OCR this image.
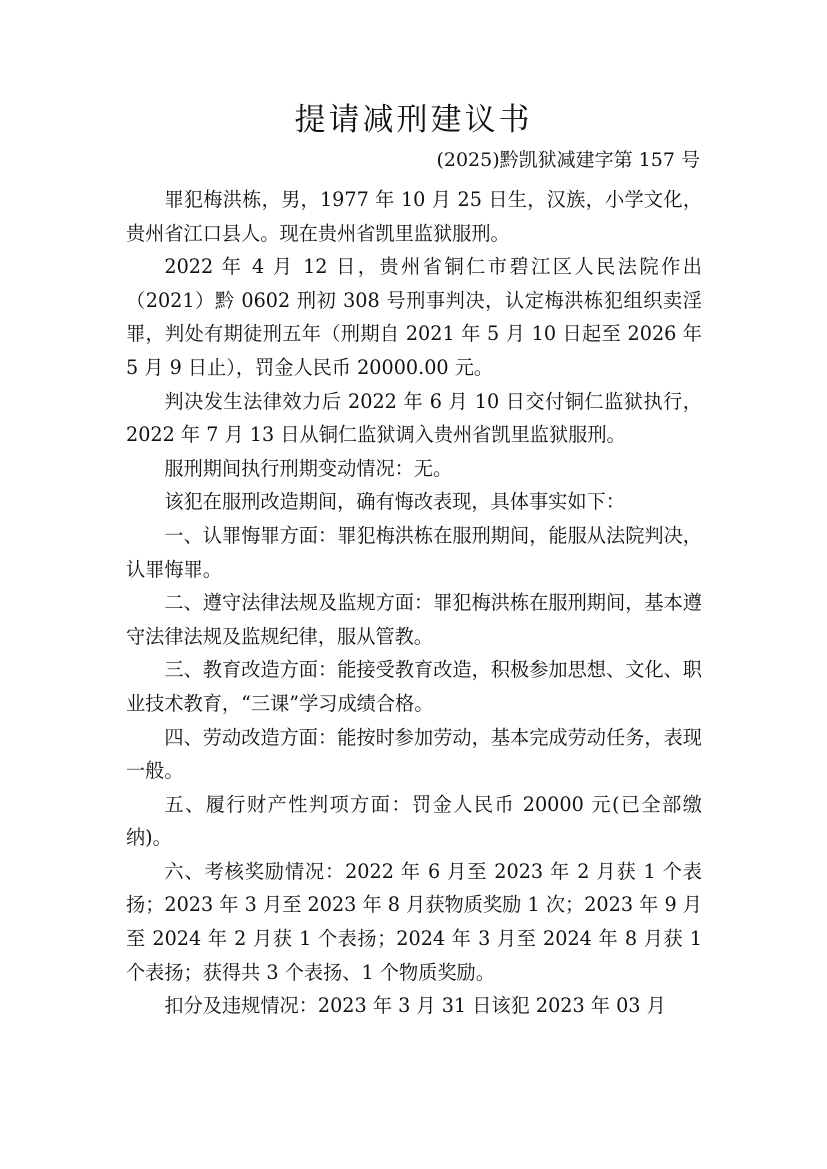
提请减刑建议书
(2025)黔凯狱减建字第 157 号

罪犯梅洪栋，男，1977 年 10 月 25 日生，汉族，小学文化，贵州省江口县人。现在贵州省凯里监狱服刑。

2022 年 4 月 12 日，贵州省铜仁市碧江区人民法院作出（2021）黔 0602 刑初 308 号刑事判决，认定梅洪栋犯组织卖淫罪，判处有期徒刑五年（刑期自 2021 年 5 月 10 日起至 2026 年 5 月 9 日止），罚金人民币 20000.00 元。

判决发生法律效力后 2022 年 6 月 10 日交付铜仁监狱执行，2022 年 7 月 13 日从铜仁监狱调入贵州省凯里监狱服刑。

服刑期间执行刑期变动情况：无。

该犯在服刑改造期间，确有悔改表现，具体事实如下：

一、认罪悔罪方面：罪犯梅洪栋在服刑期间，能服从法院判决，认罪悔罪。

二、遵守法律法规及监规方面：罪犯梅洪栋在服刑期间，基本遵守法律法规及监规纪律，服从管教。

三、教育改造方面：能接受教育改造，积极参加思想、文化、职业技术教育，“三课”学习成绩合格。

四、劳动改造方面：能按时参加劳动，基本完成劳动任务，表现一般。

五、履行财产性判项方面：罚金人民币 20000 元(已全部缴纳)。

六、考核奖励情况：2022 年 6 月至 2023 年 2 月获 1 个表扬；2023 年 3 月至 2023 年 8 月获物质奖励 1 次；2023 年 9 月至 2024 年 2 月获 1 个表扬；2024 年 3 月至 2024 年 8 月获 1 个表扬；获得共 3 个表扬、1 个物质奖励。

扣分及违规情况：2023 年 3 月 31 日该犯 2023 年 03 月
